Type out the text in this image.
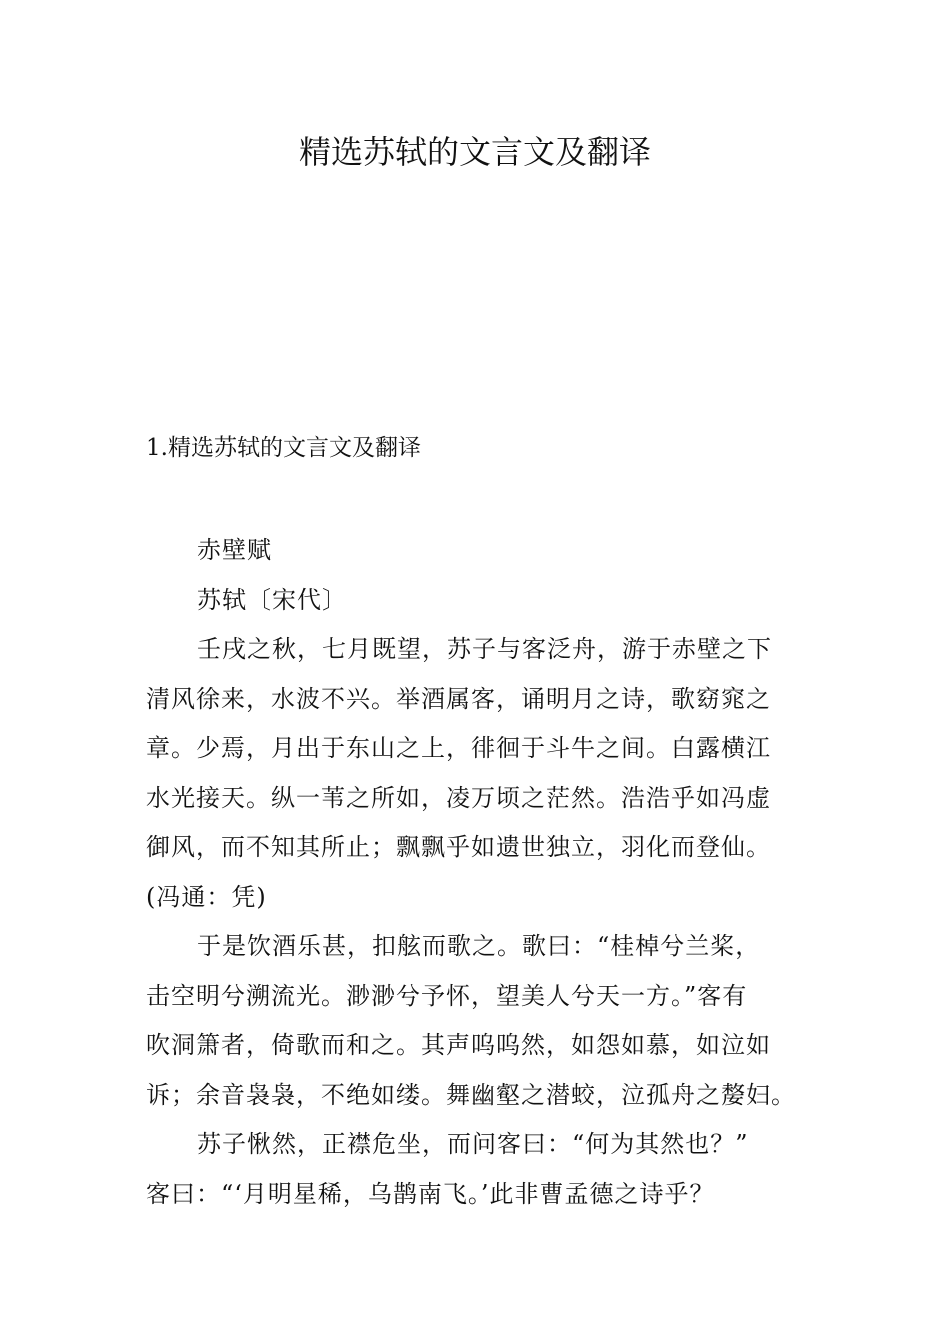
精选苏轼的文言文及翻译

1.精选苏轼的文言文及翻译

赤壁赋

苏轼〔宋代〕

壬戌之秋，七月既望，苏子与客泛舟，游于赤壁之下

清风徐来，水波不兴。举酒属客，诵明月之诗，歌窈窕之

章。少焉，月出于东山之上，徘徊于斗牛之间。白露横江

水光接天。纵一苇之所如，凌万顷之茫然。浩浩乎如冯虚

御风，而不知其所止；飘飘乎如遗世独立，羽化而登仙。

(冯通：凭)

于是饮酒乐甚，扣舷而歌之。歌曰：“桂棹兮兰桨，

击空明兮溯流光。渺渺兮予怀，望美人兮天一方。”客有

吹洞箫者，倚歌而和之。其声呜呜然，如怨如慕，如泣如

诉；余音袅袅，不绝如缕。舞幽壑之潜蛟，泣孤舟之嫠妇。

苏子愀然，正襟危坐，而问客曰：“何为其然也？”

客曰：“‘月明星稀，乌鹊南飞。’此非曹孟德之诗乎？
